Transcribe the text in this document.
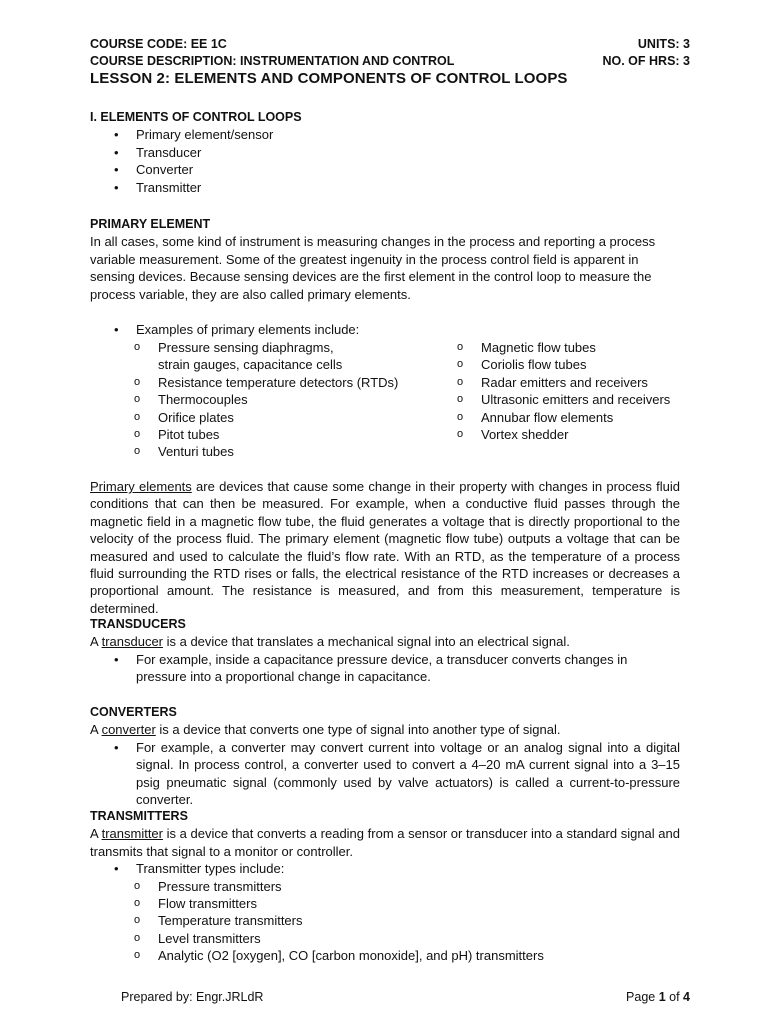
COURSE CODE: EE 1C	UNITS: 3
COURSE DESCRIPTION: INSTRUMENTATION AND CONTROL	NO. OF HRS: 3
LESSON 2: ELEMENTS AND COMPONENTS OF CONTROL LOOPS
I. ELEMENTS OF CONTROL LOOPS
• Primary element/sensor
• Transducer
• Converter
• Transmitter
PRIMARY ELEMENT
In all cases, some kind of instrument is measuring changes in the process and reporting a process variable measurement. Some of the greatest ingenuity in the process control field is apparent in sensing devices. Because sensing devices are the first element in the control loop to measure the process variable, they are also called primary elements.
• Examples of primary elements include:
o Pressure sensing diaphragms, strain gauges, capacitance cells
o Resistance temperature detectors (RTDs)
o Thermocouples
o Orifice plates
o Pitot tubes
o Venturi tubes
o Magnetic flow tubes
o Coriolis flow tubes
o Radar emitters and receivers
o Ultrasonic emitters and receivers
o Annubar flow elements
o Vortex shedder
Primary elements are devices that cause some change in their property with changes in process fluid conditions that can then be measured. For example, when a conductive fluid passes through the magnetic field in a magnetic flow tube, the fluid generates a voltage that is directly proportional to the velocity of the process fluid. The primary element (magnetic flow tube) outputs a voltage that can be measured and used to calculate the fluid’s flow rate. With an RTD, as the temperature of a process fluid surrounding the RTD rises or falls, the electrical resistance of the RTD increases or decreases a proportional amount. The resistance is measured, and from this measurement, temperature is determined.
TRANSDUCERS
A transducer is a device that translates a mechanical signal into an electrical signal.
• For example, inside a capacitance pressure device, a transducer converts changes in pressure into a proportional change in capacitance.
CONVERTERS
A converter is a device that converts one type of signal into another type of signal.
• For example, a converter may convert current into voltage or an analog signal into a digital signal. In process control, a converter used to convert a 4–20 mA current signal into a 3–15 psig pneumatic signal (commonly used by valve actuators) is called a current-to-pressure converter.
TRANSMITTERS
A transmitter is a device that converts a reading from a sensor or transducer into a standard signal and transmits that signal to a monitor or controller.
• Transmitter types include:
o Pressure transmitters
o Flow transmitters
o Temperature transmitters
o Level transmitters
o Analytic (O2 [oxygen], CO [carbon monoxide], and pH) transmitters
Prepared by: Engr.JRLdR	Page 1 of 4
